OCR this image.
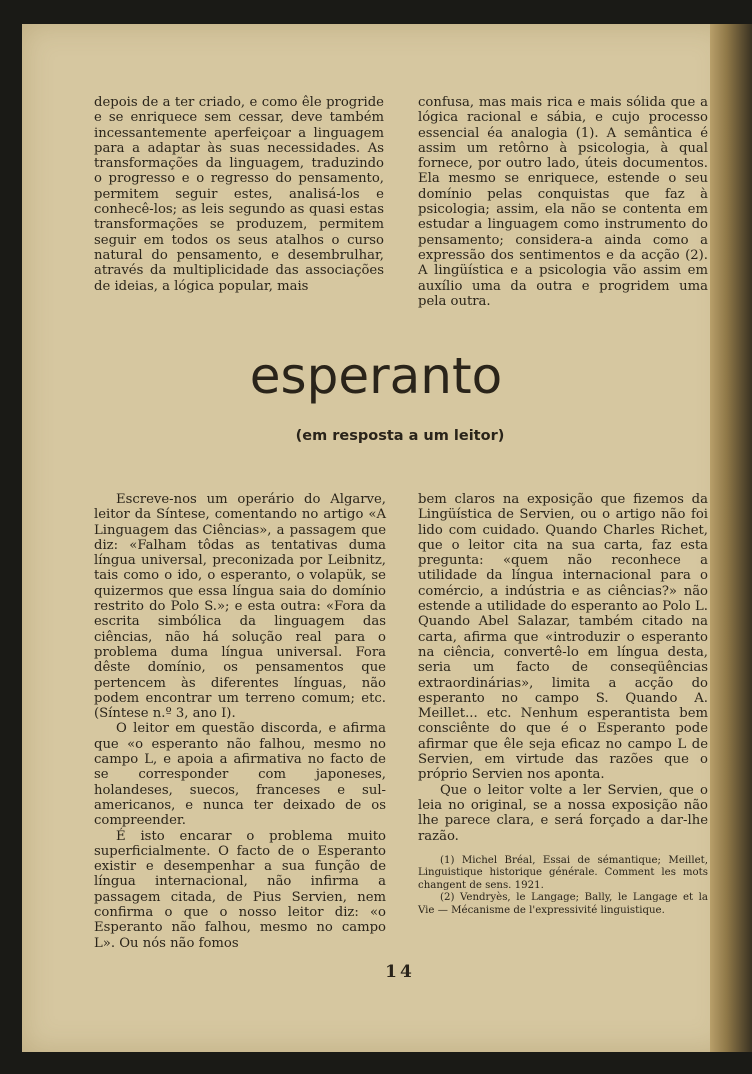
depois de a ter criado, e como êle progride e se enriquece sem cessar, deve também incessantemente aperfeiçoar a linguagem para a adaptar às suas necessidades. As transformações da linguagem, traduzindo o progresso e o regresso do pensamento, permitem seguir estes, analisá-los e conhecê-los; as leis segundo as quasi estas transformações se produzem, permitem seguir em todos os seus atalhos o curso natural do pensamento, e desembrulhar, através da multiplicidade das associações de ideias, a lógica popular, mais

confusa, mas mais rica e mais sólida que a lógica racional e sábia, e cujo processo essencial éa analogia (1). A semântica é assim um retôrno à psicologia, à qual fornece, por outro lado, úteis documentos. Ela mesmo se enriquece, estende o seu domínio pelas conquistas que faz à psicologia; assim, ela não se contenta em estudar a linguagem como instrumento do pensamento; considera-a ainda como a expressão dos sentimentos e da acção (2). A lingüística e a psicologia vão assim em auxílio uma da outra e progridem uma pela outra.

esperanto
(em resposta a um leitor)

Escreve-nos um operário do Algarve, leitor da Síntese, comentando no artigo «A Linguagem das Ciências», a passagem que diz: «Falham tôdas as tentativas duma língua universal, preconizada por Leibnitz, tais como o ido, o esperanto, o volapük, se quizermos que essa língua saia do domínio restrito do Polo S.»; e esta outra: «Fora da escrita simbólica da linguagem das ciências, não há solução real para o problema duma língua universal. Fora dêste domínio, os pensamentos que pertencem às diferentes línguas, não podem encontrar um terreno comum; etc. (Síntese n.º 3, ano I).

O leitor em questão discorda, e afirma que «o esperanto não falhou, mesmo no campo L, e apoia a afirmativa no facto de se corresponder com japoneses, holandeses, suecos, franceses e sul-americanos, e nunca ter deixado de os compreender.

É isto encarar o problema muito superficialmente. O facto de o Esperanto existir e desempenhar a sua função de língua internacional, não infirma a passagem citada, de Pius Servien, nem confirma o que o nosso leitor diz: «o Esperanto não falhou, mesmo no campo L». Ou nós não fomos

bem claros na exposição que fizemos da Lingüística de Servien, ou o artigo não foi lido com cuidado. Quando Charles Richet, que o leitor cita na sua carta, faz esta pregunta: «quem não reconhece a utilidade da língua internacional para o comércio, a indústria e as ciências?» não estende a utilidade do esperanto ao Polo L. Quando Abel Salazar, também citado na carta, afirma que «introduzir o esperanto na ciência, convertê-lo em língua desta, seria um facto de conseqüências extraordinárias», limita a acção do esperanto no campo S. Quando A. Meillet... etc. Nenhum esperantista bem consciênte do que é o Esperanto pode afirmar que êle seja eficaz no campo L de Servien, em virtude das razões que o próprio Servien nos aponta.

Que o leitor volte a ler Servien, que o leia no original, se a nossa exposição não lhe parece clara, e será forçado a dar-lhe razão.

(1) Michel Bréal, Essai de sémantique; Meillet, Linguistique historique générale. Comment les mots changent de sens. 1921.

(2) Vendryès, le Langage; Bally, le Langage et la Vie — Mécanisme de l'expressivité linguistique.

14
